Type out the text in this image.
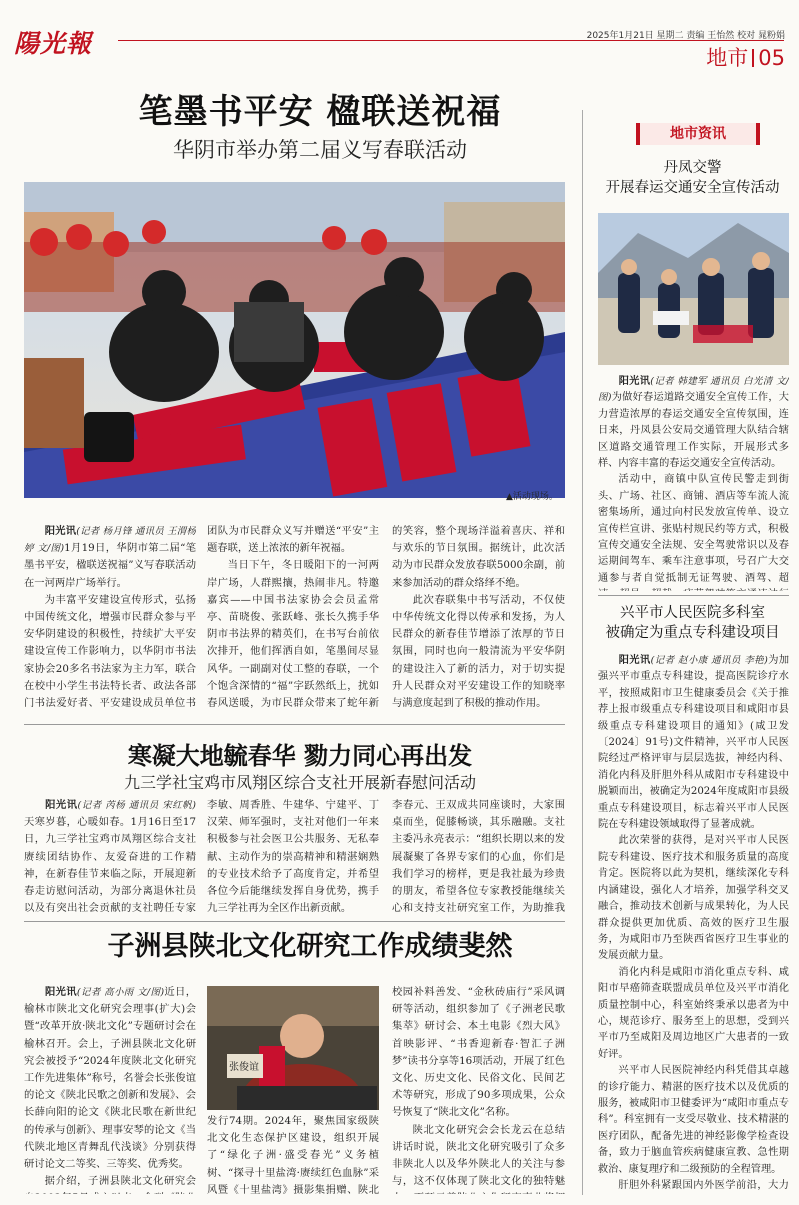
陽光報	2025年1月21日 星期二 责编 王怡然 校对 晁粉娟
地市 05
笔墨书平安 楹联送祝福
华阴市举办第二届义写春联活动
▲活动现场。

阳光讯(记者 杨月锋 通讯员 王渭杨婷 文/图)1月19日，华阴市第二届“笔墨书平安，楹联送祝福”义写春联活动在一河两岸广场举行。

为丰富平安建设宣传形式，弘扬中国传统文化，增强市民群众参与平安华阴建设的积极性，持续扩大平安建设宣传工作影响力，以华阴市书法家协会20多名书法家为主力军，联合在校中小学生书法特长者、政法各部门书法爱好者、平安建设成员单位书

团队为市民群众义写并赠送“平安”主题春联，送上浓浓的新年祝福。

当日下午，冬日暖阳下的一河两岸广场，人群熙攘，热闹非凡。特邀嘉宾——中国书法家协会会员孟常亭、苗晓俊、张跃峰、张长久携手华阴市书法界的精英们，在书写台前依次排开，他们挥洒自如，笔墨间尽显风华。一副副对仗工整的春联，一个个饱含深情的“福”字跃然纸上，扰如春风送暖，为市民群众带来了蛇年新

的笑容，整个现场洋溢着喜庆、祥和与欢乐的节日氛围。据统计，此次活动为市民群众发放春联5000余副，前来参加活动的群众络绎不绝。

此次春联集中书写活动，不仅使中华传统文化得以传承和发扬，为人民群众的新春佳节增添了浓厚的节日氛围，同时也向一般清流为平安华阴的建设注入了新的活力，对于切实提升人民群众对平安建设工作的知晓率与满意度起到了积极的推动作用。

寒凝大地毓春华 勠力同心再出发
九三学社宝鸡市凤翔区综合支社开展新春慰问活动

阳光讯(记者 芮杨 通讯员 宋红帆)天寒岁暮，心暖如春。1月16日至17日，九三学社宝鸡市凤翔区综合支社赓续团结协作、友爱奋进的工作精神，在新春佳节来临之际，开展迎新春走访慰问活动，为部分离退休社员以及有突出社会贡献的支社聘任专家

李敏、周香胜、牛建华、宁建平、丁汉荣、师军强时，支社对他们一年来积极参与社会医卫公共服务、无私奉献、主动作为的崇高精神和精湛娴熟的专业技术给予了高度肯定，并希望各位今后能继续发挥自身优势，携手九三学社再为全区作出新贡献。

李春元、王双成共同座谈时，大家围桌而坐，促膝畅谈，其乐融融。支社主委冯永亮表示：“组织长期以来的发展凝聚了各界专家们的心血，你们是我们学习的榜样，更是我社最为珍贵的朋友，希望各位专家教授能继续关心和支持支社研究室工作，为助推我

子洲县陕北文化研究工作成绩斐然

阳光讯(记者 高小雨 文/图)近日，榆林市陕北文化研究会理事(扩大)会暨“改革开放·陕北文化”专题研讨会在榆林召开。会上，子洲县陕北文化研究会被授予“2024年度陕北文化研究工作先进集体”称号，名誉会长张俊谊的论文《陕北民歌之创新和发展》、会长薛向阳的论文《陕北民歌在新世纪的传承与创新》、理事安琴的论文《当代陕北地区青舞乱代浅谈》分别获得研讨论文二等奖、三等奖、优秀奖。

据介绍，子洲县陕北文化研究会

张俊谊

发行74期。2024年，聚焦国家级陕北文化生态保护区建设，组织开展了“绿化子洲·盛受春光”义务植树、“探寻十里盐湾·赓续红色血脉”采风暨《十里盐湾》摄影集捐赠、陕北

校园补料善发、“金秋砖庙行”采风调研等活动，组织参加了《子洲老民歌集萃》研讨会、本土电影《烈大风》首映影评、“书香迎新春·智汇子洲梦”读书分享等16项活动，开展了红色文化、历史文化、民俗文化、民间艺术等研究，形成了90多项成果，公众号恢复了“陕北文化”名称。

陕北文化研究会会长龙云在总结讲话时说，陕北文化研究吸引了众多非陕北人以及华外陕北人的关注与参与，这不仅体现了陕北文化的独特魅

地市资讯
丹凤交警
开展春运交通安全宣传活动

阳光讯(记者 韩建军 通讯员 白光清 文/图)为做好春运道路交通安全宣传工作，大力营造浓厚的春运交通安全宣传氛围，连日来，丹凤县公安局交通管理大队结合辖区道路交通管理工作实际，开展形式多样、内容丰富的春运交通安全宣传活动。

活动中，商镇中队宣传民警走到街头、广场、社区、商铺、酒店等车流人流密集场所，通过向村民发放宣传单、设立宣传栏宣讲、张贴村规民约等方式，积极宣传交通安全法规、安全驾驶常识以及春运期间驾车、乘车注意事项，号召广大交通参与者自觉抵制无证驾驶、酒驾、超

兴平市人民医院多科室
被确定为重点专科建设项目

阳光讯(记者 赵小康 通讯员 李艳)为加强兴平市重点专科建设，提高医院诊疗水平，按照咸阳市卫生健康委员会《关于推荐上报市级重点专科建设项目和咸阳市县级重点专科建设项目的通知》(咸卫发〔2024〕91号)文件精神，兴平市人民医院经过严格评审与层层选拔，神经内科、消化内科及肝胆外科从咸阳市专科建设中脱颖而出，被确定为2024年度咸阳市县级重点专科建设项目，标志着兴平市人民医院在专科建设领域取得了显著成就。

此次荣誉的获得，是对兴平市人民医院专科建设、医疗技术和服务质量的高度肯定。医院将以此为契机，继续深化专科内涵建设，强化人才培养，加强学科交叉融合，推动技术创新与成果转化，为人民群众提供更加优质、高效的医疗卫生服务，为咸阳市乃至陕西省医疗卫生事业的发展贡献力量。

消化内科是咸阳市消化重点专科、咸阳市早癌筛查联盟成员单位及兴平市消化质量控制中心，科室始终秉承以患者为中心，规范诊疗、服务至上的思想，受到兴平市乃至咸阳及周边地区广大患者的一致好评。

兴平市人民医院神经内科凭借其卓越的诊疗能力、精湛的医疗技术以及优质的服务，被咸阳市卫健委评为“咸阳市重点专科”。科室拥有一支受尽敬业、技术精湛的医疗团队，配备先进的神经影像学检查设备，致力于脑血管疾病健康宣教、急性期救治、康复理疗和二级预防的全程管理。

肝胆外科紧跟国内外医学前沿，大力
